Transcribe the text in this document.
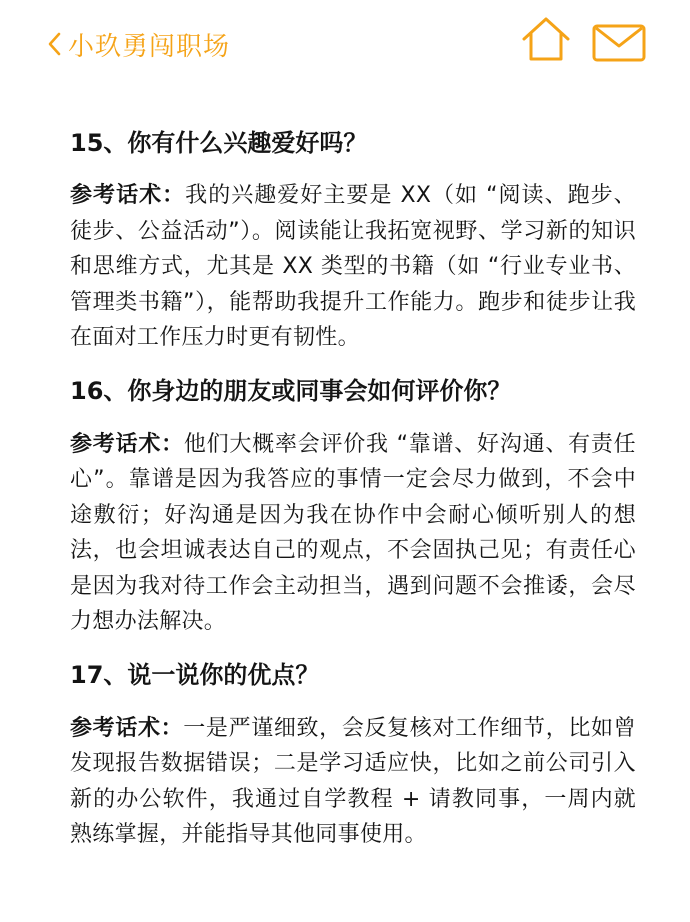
小玖勇闯职场

15、你有什么兴趣爱好吗？

参考话术：我的兴趣爱好主要是 XX（如 “阅读、跑步、徒步、公益活动”）。阅读能让我拓宽视野、学习新的知识和思维方式，尤其是 XX 类型的书籍（如 “行业专业书、管理类书籍”），能帮助我提升工作能力。跑步和徒步让我在面对工作压力时更有韧性。

16、你身边的朋友或同事会如何评价你？

参考话术：他们大概率会评价我 “靠谱、好沟通、有责任心”。靠谱是因为我答应的事情一定会尽力做到，不会中途敷衍；好沟通是因为我在协作中会耐心倾听别人的想法，也会坦诚表达自己的观点，不会固执己见；有责任心是因为我对待工作会主动担当，遇到问题不会推诿，会尽力想办法解决。

17、说一说你的优点？

参考话术：一是严谨细致，会反复核对工作细节，比如曾发现报告数据错误；二是学习适应快，比如之前公司引入新的办公软件，我通过自学教程 + 请教同事，一周内就熟练掌握，并能指导其他同事使用。
